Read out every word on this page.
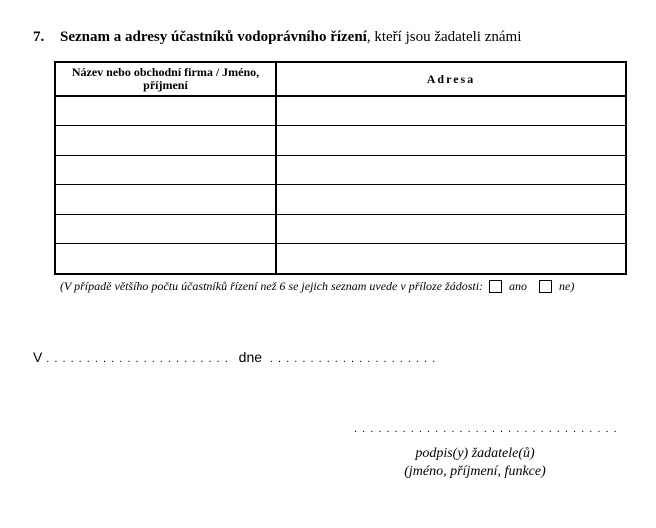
7. Seznam a adresy účastníků vodoprávního řízení, kteří jsou žadateli známi
Název nebo obchodní firma / Jméno, příjmení	Adresa

(V případě většího počtu účastníků řízení než 6 se jejich seznam uvede v příloze žádosti: ano	ne)
V . . . . . . . . . . . . . . . . . . . . . . . dne . . . . . . . . . . . . . . . . . . . . .
. . . . . . . . . . . . . . . . . . . . . . . . . . . . . . . . .
podpis(y) žadatele(ů)
(jméno, příjmení, funkce)
